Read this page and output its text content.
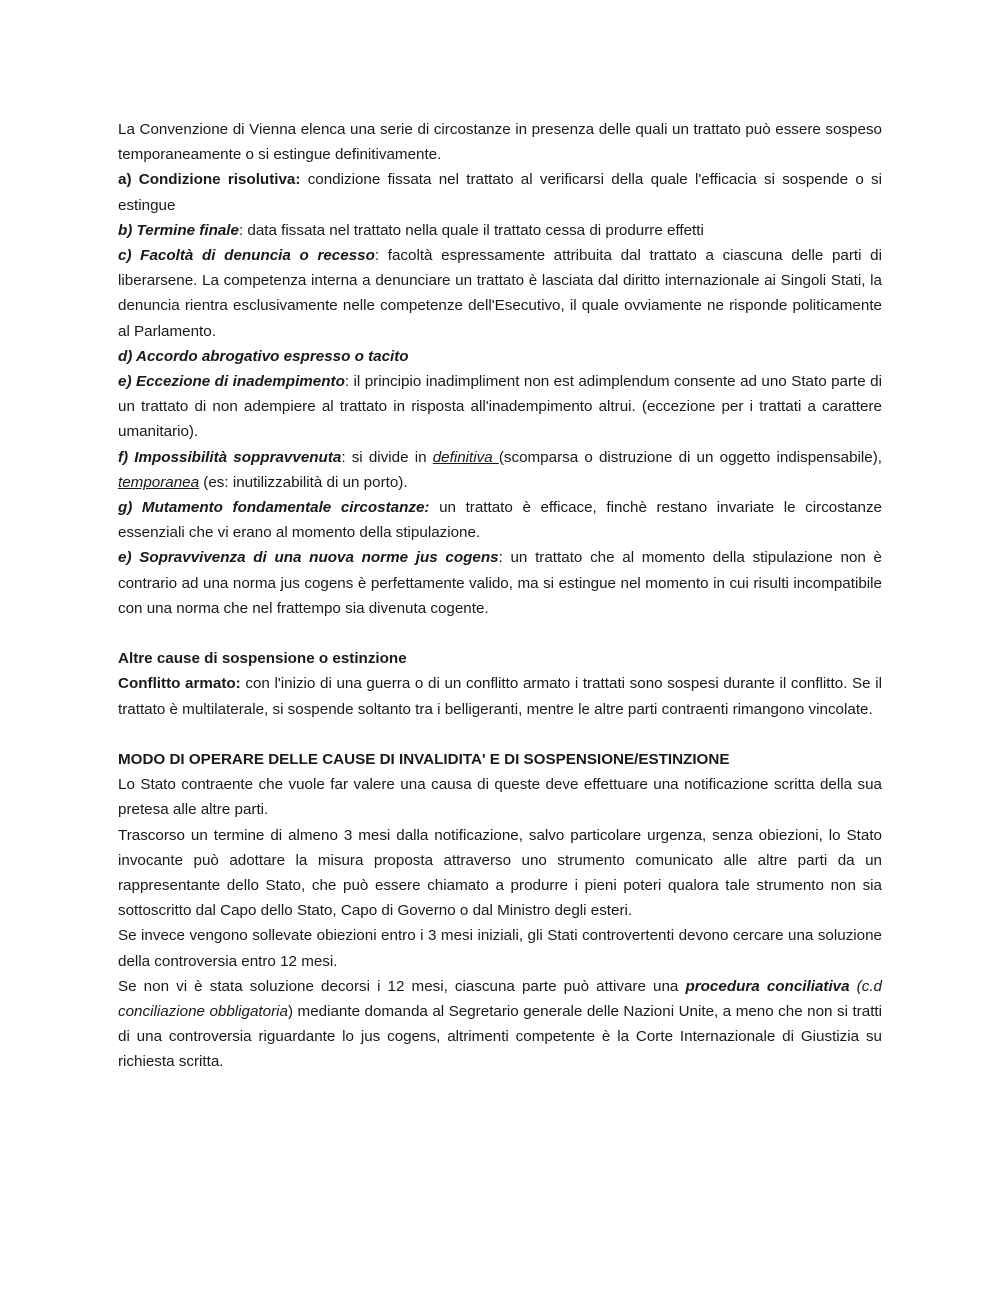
La Convenzione di Vienna elenca una serie di circostanze in presenza delle quali un trattato può essere sospeso temporaneamente o si estingue definitivamente.

a) Condizione risolutiva: condizione fissata nel trattato al verificarsi della quale l'efficacia si sospende o si estingue

b) Termine finale: data fissata nel trattato nella quale il trattato cessa di produrre effetti

c) Facoltà di denuncia o recesso: facoltà espressamente attribuita dal trattato a ciascuna delle parti di liberarsene. La competenza interna a denunciare un trattato è lasciata dal diritto internazionale ai Singoli Stati, la denuncia rientra esclusivamente nelle competenze dell'Esecutivo, il quale ovviamente ne risponde politicamente al Parlamento.

d) Accordo abrogativo espresso o tacito

e) Eccezione di inadempimento: il principio inadimpliment non est adimplendum consente ad uno Stato parte di un trattato di non adempiere al trattato in risposta all'inadempimento altrui. (eccezione per i trattati a carattere umanitario).

f) Impossibilità soppravvenuta: si divide in definitiva (scomparsa o distruzione di un oggetto indispensabile), temporanea (es: inutilizzabilità di un porto).

g) Mutamento fondamentale circostanze: un trattato è efficace, finchè restano invariate le circostanze essenziali che vi erano al momento della stipulazione.

e) Sopravvivenza di una nuova norme jus cogens: un trattato che al momento della stipulazione non è contrario ad una norma jus cogens è perfettamente valido, ma si estingue nel momento in cui risulti incompatibile con una norma che nel frattempo sia divenuta cogente.

Altre cause di sospensione o estinzione

Conflitto armato: con l'inizio di una guerra o di un conflitto armato i trattati sono sospesi durante il conflitto. Se il trattato è multilaterale, si sospende soltanto tra i belligeranti, mentre le altre parti contraenti rimangono vincolate.

MODO DI OPERARE DELLE CAUSE DI INVALIDITA' E DI SOSPENSIONE/ESTINZIONE

Lo Stato contraente che vuole far valere una causa di queste deve effettuare una notificazione scritta della sua pretesa alle altre parti.

Trascorso un termine di almeno 3 mesi dalla notificazione, salvo particolare urgenza, senza obiezioni, lo Stato invocante può adottare la misura proposta attraverso uno strumento comunicato alle altre parti da un rappresentante dello Stato, che può essere chiamato a produrre i pieni poteri qualora tale strumento non sia sottoscritto dal Capo dello Stato, Capo di Governo o dal Ministro degli esteri.

Se invece vengono sollevate obiezioni entro i 3 mesi iniziali, gli Stati controvertenti devono cercare una soluzione della controversia entro 12 mesi.

Se non vi è stata soluzione decorsi i 12 mesi, ciascuna parte può attivare una procedura conciliativa (c.d conciliazione obbligatoria) mediante domanda al Segretario generale delle Nazioni Unite, a meno che non si tratti di una controversia riguardante lo jus cogens, altrimenti competente è la Corte Internazionale di Giustizia su richiesta scritta.
